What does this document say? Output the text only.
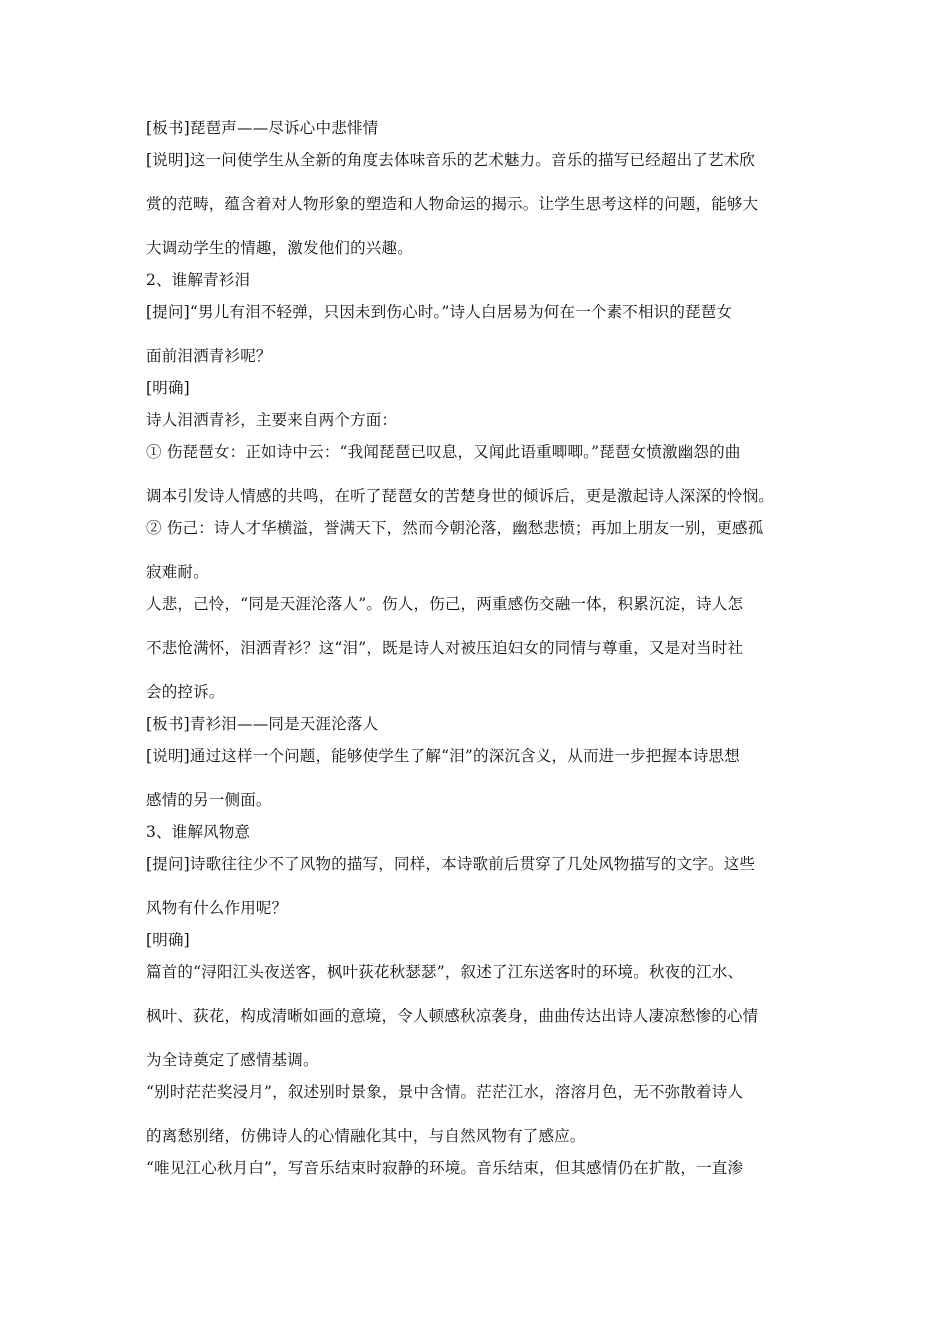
[板书]琵琶声——尽诉心中悲悱情
[说明]这一问使学生从全新的角度去体味音乐的艺术魅力。音乐的描写已经超出了艺术欣
赏的范畴，蕴含着对人物形象的塑造和人物命运的揭示。让学生思考这样的问题，能够大
大调动学生的情趣，激发他们的兴趣。
2、谁解青衫泪
[提问]“男儿有泪不轻弹，只因未到伤心时。”诗人白居易为何在一个素不相识的琵琶女
面前泪洒青衫呢？
[明确]
诗人泪洒青衫，主要来自两个方面：
① 伤琵琶女：正如诗中云：“我闻琵琶已叹息，又闻此语重唧唧。”琵琶女愤激幽怨的曲
调本引发诗人情感的共鸣，在听了琵琶女的苦楚身世的倾诉后，更是激起诗人深深的怜悯。
② 伤己：诗人才华横溢，誉满天下，然而今朝沦落，幽愁悲愤；再加上朋友一别，更感孤
寂难耐。
人悲，己怜，“同是天涯沦落人”。伤人，伤己，两重感伤交融一体，积累沉淀，诗人怎
不悲怆满怀，泪洒青衫？这“泪”，既是诗人对被压迫妇女的同情与尊重，又是对当时社
会的控诉。
[板书]青衫泪——同是天涯沦落人
[说明]通过这样一个问题，能够使学生了解“泪”的深沉含义，从而进一步把握本诗思想
感情的另一侧面。
3、谁解风物意
[提问]诗歌往往少不了风物的描写，同样，本诗歌前后贯穿了几处风物描写的文字。这些
风物有什么作用呢？
[明确]
篇首的“浔阳江头夜送客，枫叶荻花秋瑟瑟”，叙述了江东送客时的环境。秋夜的江水、
枫叶、荻花，构成清晰如画的意境，令人顿感秋凉袭身，曲曲传达出诗人凄凉愁惨的心情
为全诗奠定了感情基调。
“别时茫茫奖浸月”，叙述别时景象，景中含情。茫茫江水，溶溶月色，无不弥散着诗人
的离愁别绪，仿佛诗人的心情融化其中，与自然风物有了感应。
“唯见江心秋月白”，写音乐结束时寂静的环境。音乐结束，但其感情仍在扩散，一直渗
